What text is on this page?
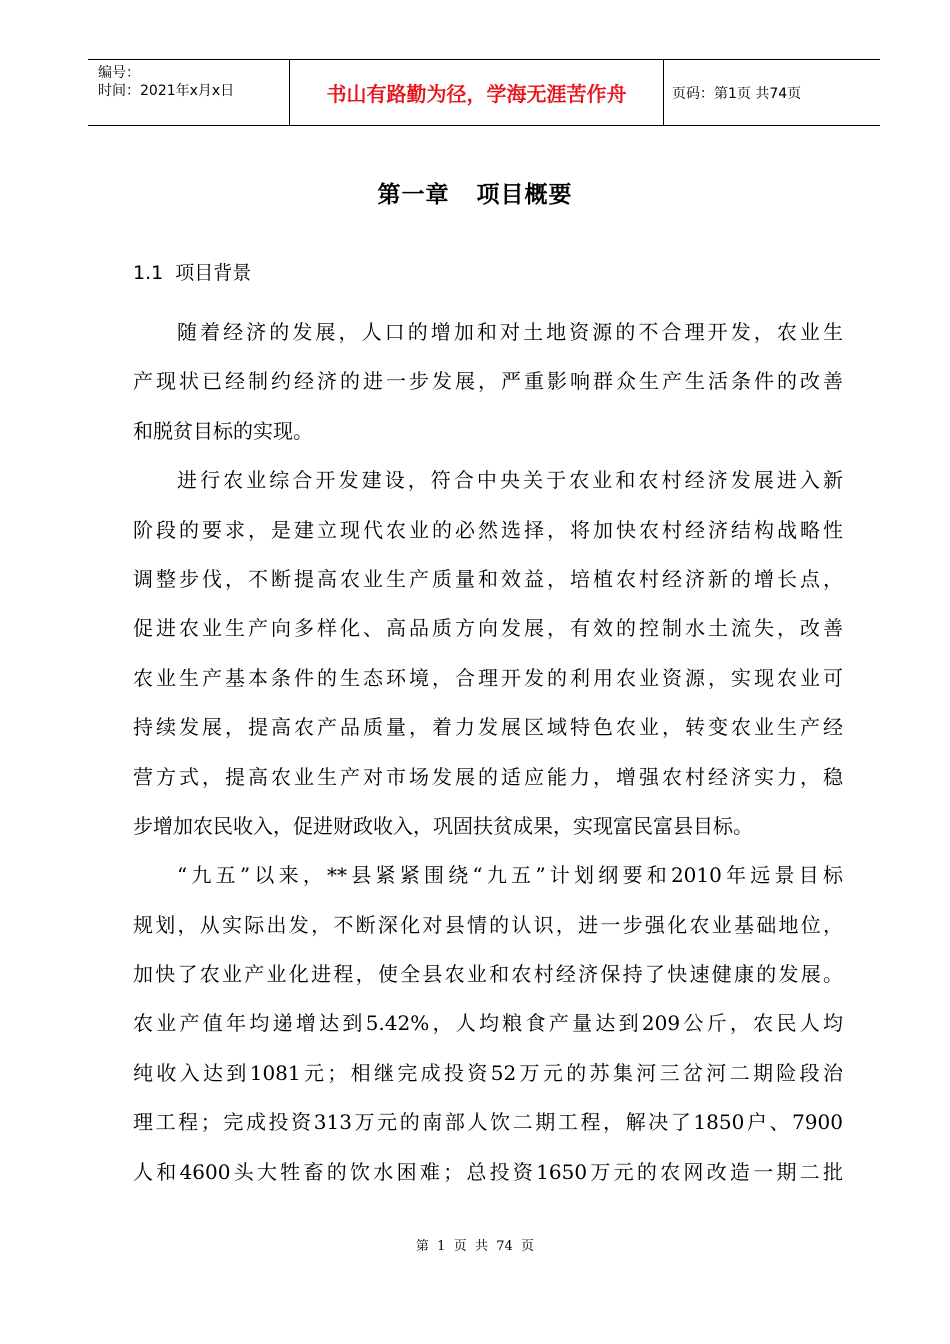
编号：
时间：2021年x月x日	书山有路勤为径，学海无涯苦作舟	页码：第1页 共74页
第一章   项目概要
1.1  项目背景
随着经济的发展，人口的增加和对土地资源的不合理开发，农业生
产现状已经制约经济的进一步发展，严重影响群众生产生活条件的改善
和脱贫目标的实现。
进行农业综合开发建设，符合中央关于农业和农村经济发展进入新
阶段的要求，是建立现代农业的必然选择，将加快农村经济结构战略性
调整步伐，不断提高农业生产质量和效益，培植农村经济新的增长点，
促进农业生产向多样化、高品质方向发展，有效的控制水土流失，改善
农业生产基本条件的生态环境，合理开发的利用农业资源，实现农业可
持续发展，提高农产品质量，着力发展区域特色农业，转变农业生产经
营方式，提高农业生产对市场发展的适应能力，增强农村经济实力，稳
步增加农民收入，促进财政收入，巩固扶贫成果，实现富民富县目标。
“九五”以来，**县紧紧围绕“九五”计划纲要和2010年远景目标
规划，从实际出发，不断深化对县情的认识，进一步强化农业基础地位，
加快了农业产业化进程，使全县农业和农村经济保持了快速健康的发展。
农业产值年均递增达到5.42%，人均粮食产量达到209公斤，农民人均
纯收入达到1081元；相继完成投资52万元的苏集河三岔河二期险段治
理工程；完成投资313万元的南部人饮二期工程，解决了1850户、7900
人和4600头大牲畜的饮水困难；总投资1650万元的农网改造一期二批
第  1  页  共  74  页
